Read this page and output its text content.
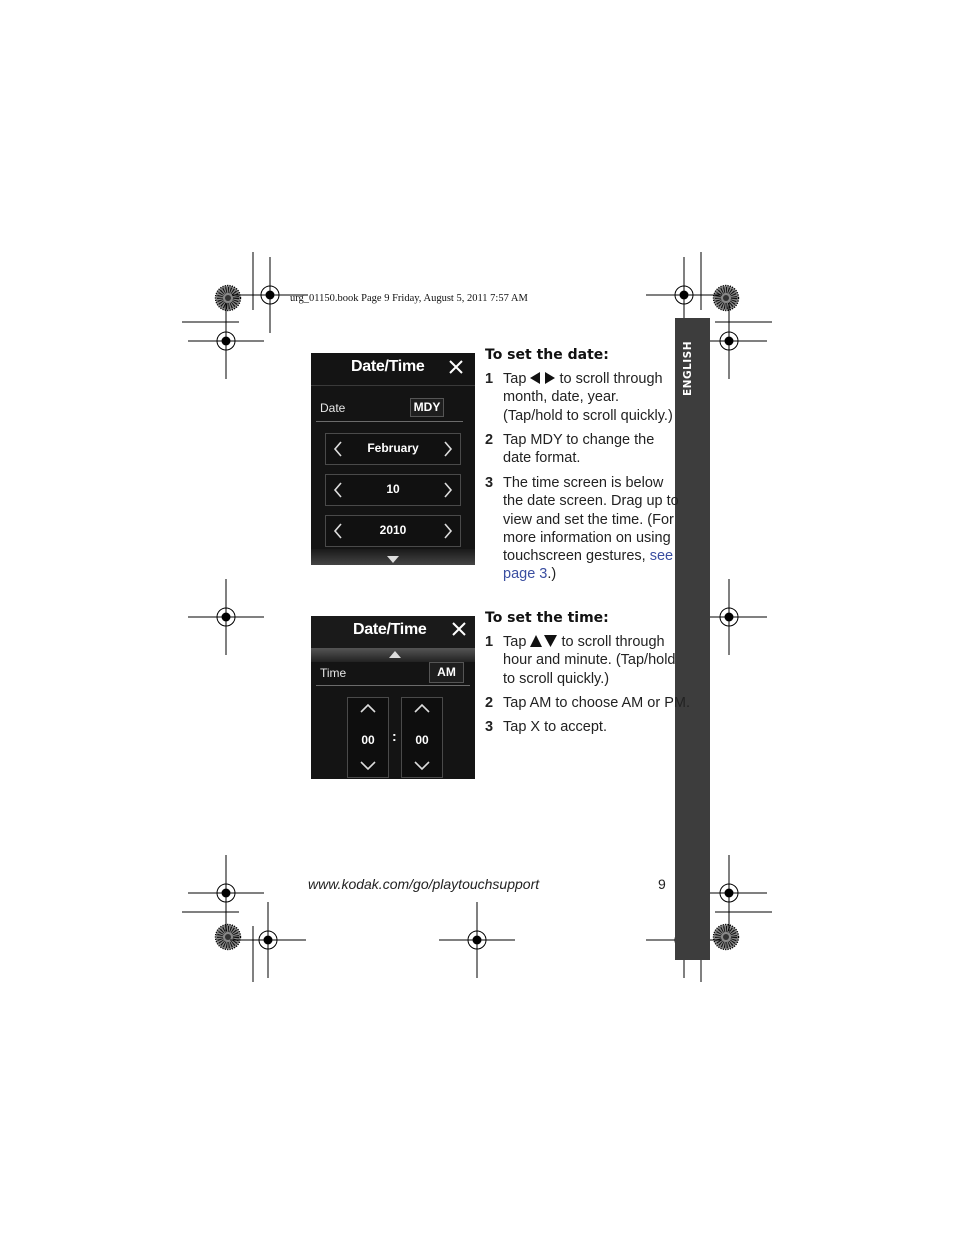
urg_01150.book Page 9 Friday, August 5, 2011 7:57 AM
ENGLISH
Date/Time
Date	MDY
February
10
2010
Date/Time
Time	AM
00	:	00
To set the date:
1 Tap  to scroll through month, date, year. (Tap/hold to scroll quickly.)
2 Tap MDY to change the date format.
3 The time screen is below the date screen. Drag up to view and set the time. (For more information on using touchscreen gestures, see page 3.)
To set the time:
1 Tap  to scroll through hour and minute. (Tap/hold to scroll quickly.)
2 Tap AM to choose AM or PM.
3 Tap X to accept.
www.kodak.com/go/playtouchsupport	9
